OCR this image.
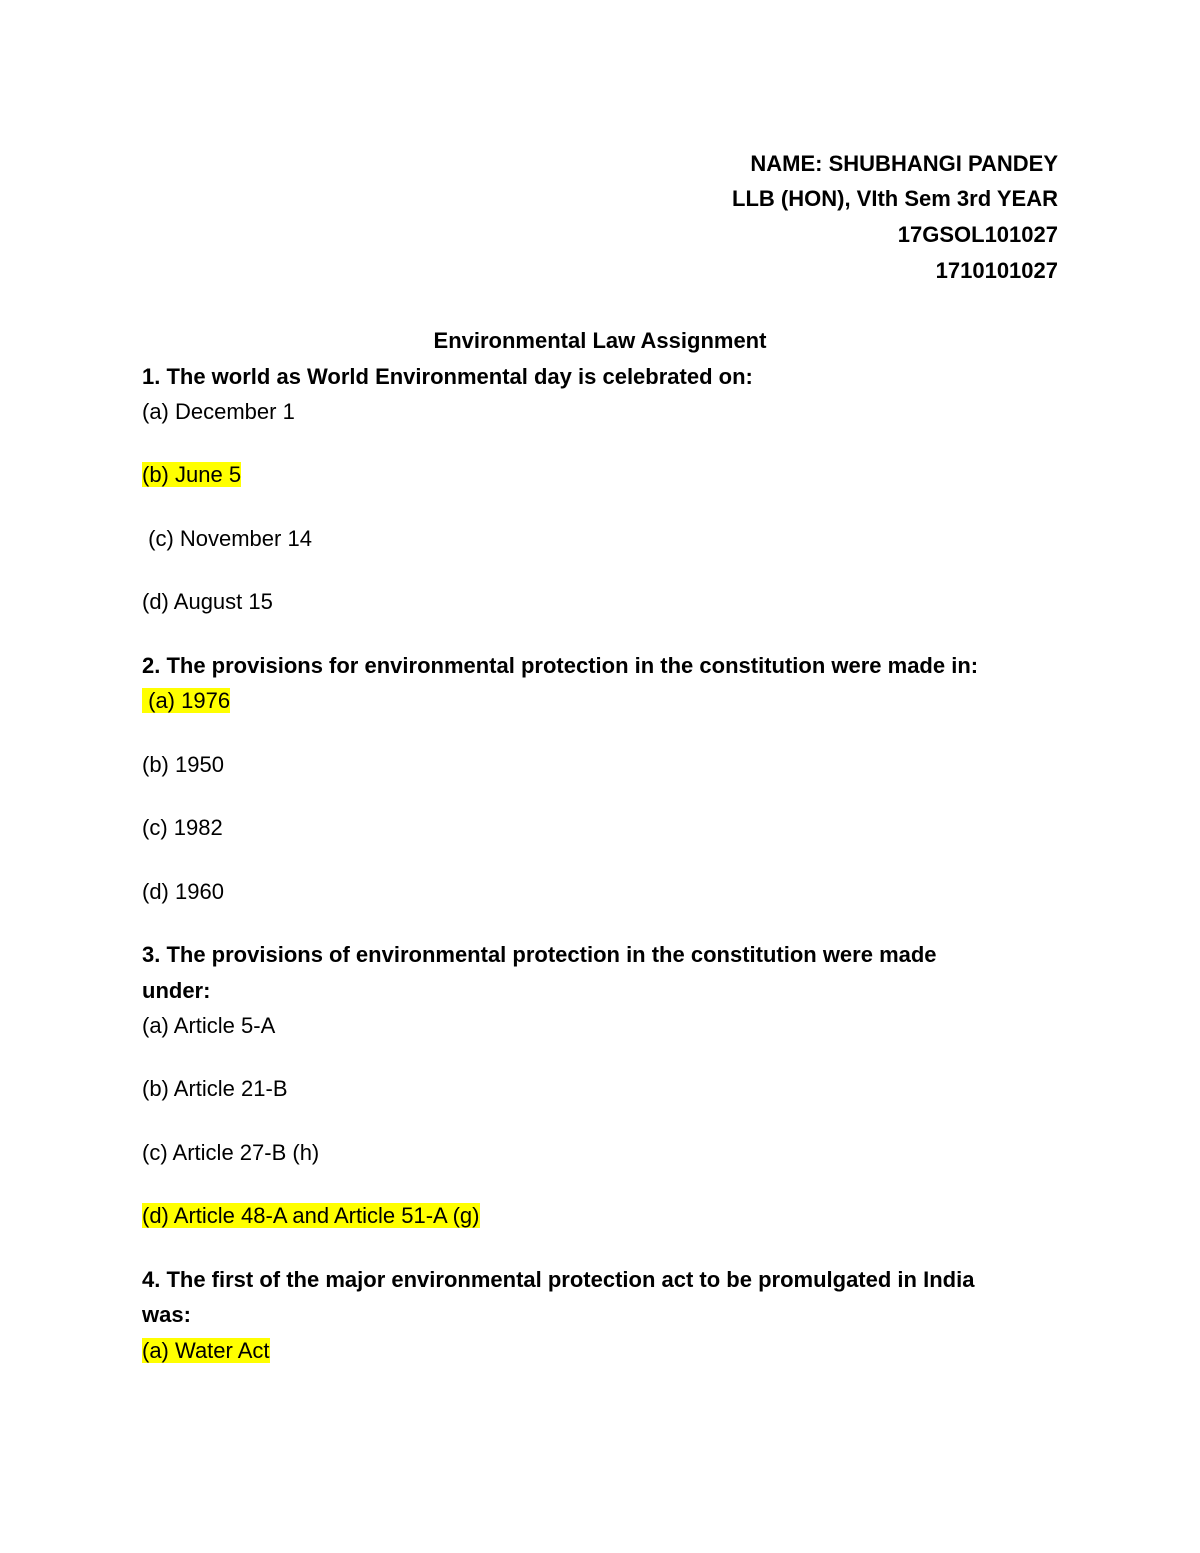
NAME: SHUBHANGI PANDEY
LLB (HON), VIth Sem 3rd YEAR
17GSOL101027
1710101027
Environmental Law Assignment
1. The world as World Environmental day is celebrated on:
(a) December 1
(b) June 5
(c) November 14
(d) August 15
2. The provisions for environmental protection in the constitution were made in:
(a) 1976
(b) 1950
(c) 1982
(d) 1960
3. The provisions of environmental protection in the constitution were made
under:
(a) Article 5-A
(b) Article 21-B
(c) Article 27-B (h)
(d) Article 48-A and Article 51-A (g)
4. The first of the major environmental protection act to be promulgated in India
was:
(a) Water Act
